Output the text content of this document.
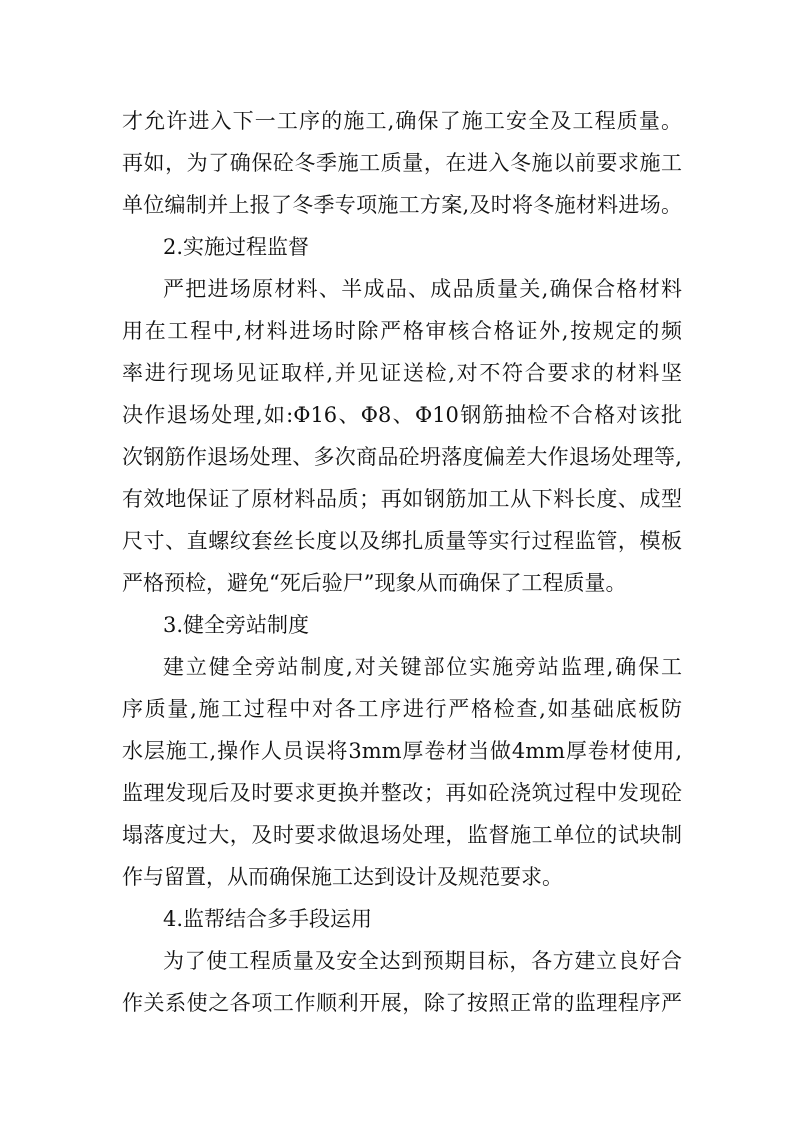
才允许进入下一工序的施工,确保了施工安全及工程质量。
再如，为了确保砼冬季施工质量，在进入冬施以前要求施工
单位编制并上报了冬季专项施工方案,及时将冬施材料进场。
2.实施过程监督
严把进场原材料、半成品、成品质量关,确保合格材料
用在工程中,材料进场时除严格审核合格证外,按规定的频
率进行现场见证取样,并见证送检,对不符合要求的材料坚
决作退场处理,如:Φ16、Φ8、Φ10钢筋抽检不合格对该批
次钢筋作退场处理、多次商品砼坍落度偏差大作退场处理等,
有效地保证了原材料品质；再如钢筋加工从下料长度、成型
尺寸、直螺纹套丝长度以及绑扎质量等实行过程监管，模板
严格预检，避免“死后验尸”现象从而确保了工程质量。
3.健全旁站制度
建立健全旁站制度,对关键部位实施旁站监理,确保工
序质量,施工过程中对各工序进行严格检查,如基础底板防
水层施工,操作人员误将3mm厚卷材当做4mm厚卷材使用,
监理发现后及时要求更换并整改；再如砼浇筑过程中发现砼
塌落度过大，及时要求做退场处理，监督施工单位的试块制
作与留置，从而确保施工达到设计及规范要求。
4.监帮结合多手段运用
为了使工程质量及安全达到预期目标，各方建立良好合
作关系使之各项工作顺利开展，除了按照正常的监理程序严
